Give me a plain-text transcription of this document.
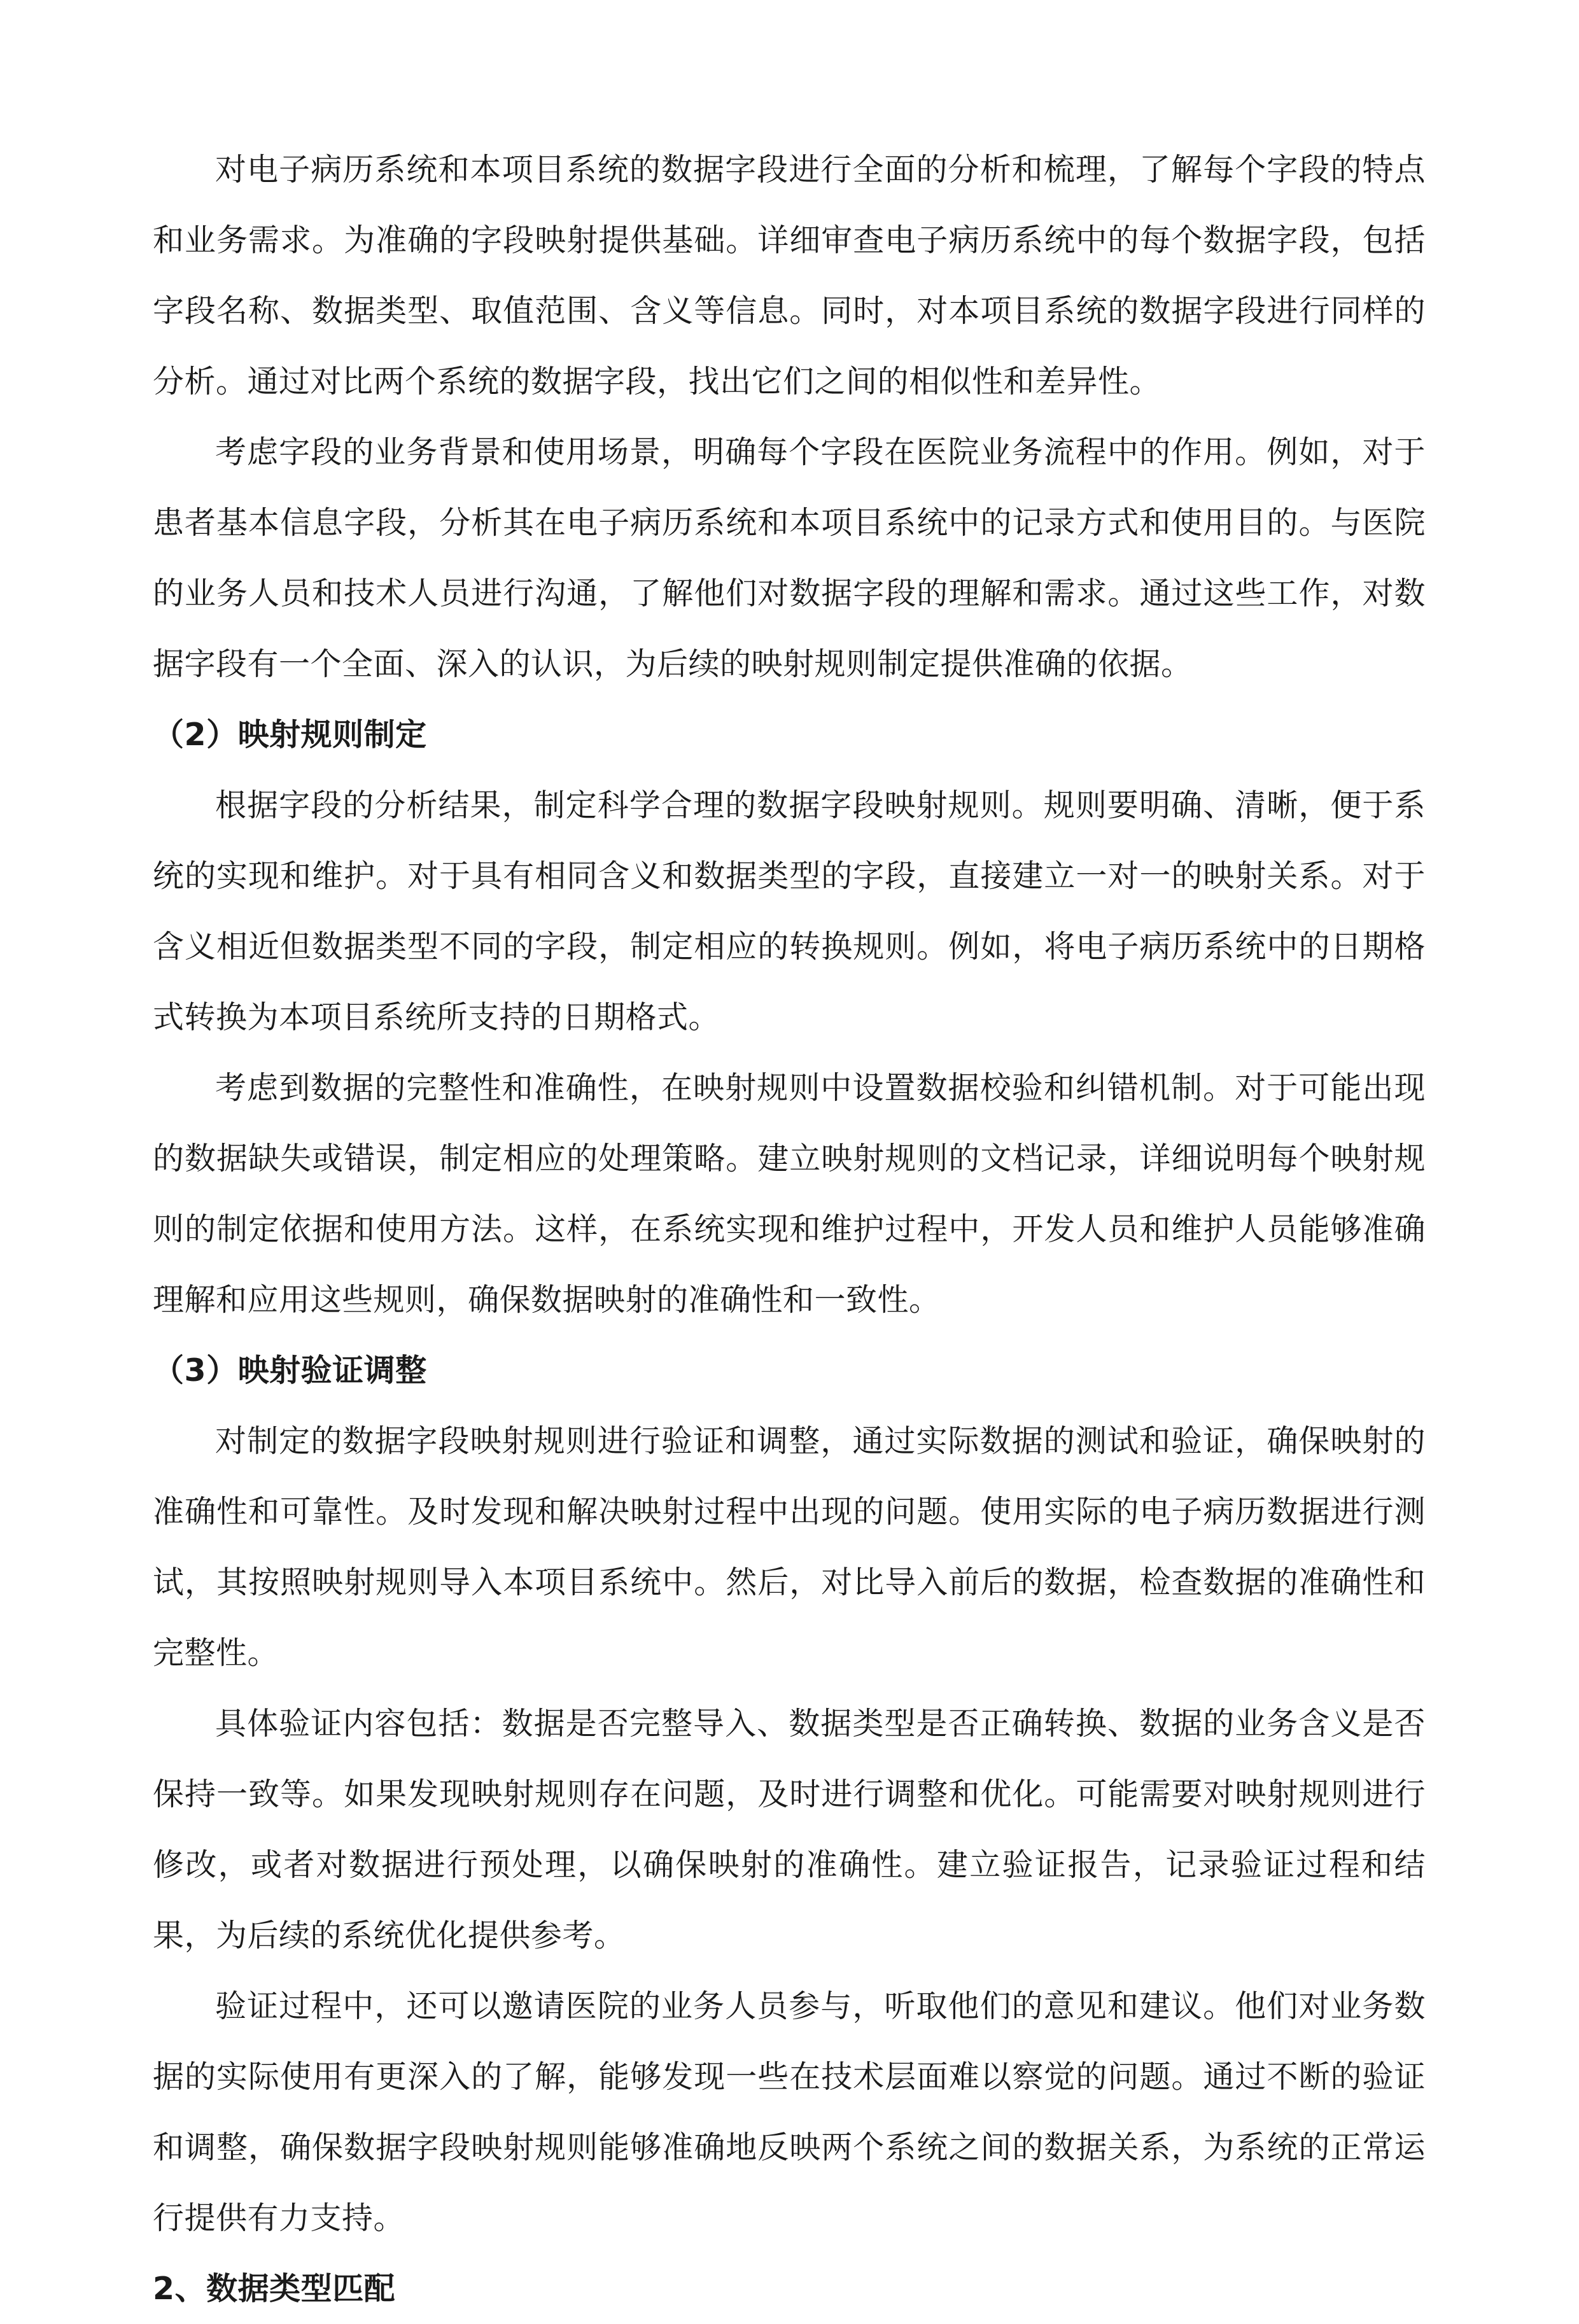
对电子病历系统和本项目系统的数据字段进行全面的分析和梳理，了解每个字段的特点和业务需求。为准确的字段映射提供基础。详细审查电子病历系统中的每个数据字段，包括字段名称、数据类型、取值范围、含义等信息。同时，对本项目系统的数据字段进行同样的分析。通过对比两个系统的数据字段，找出它们之间的相似性和差异性。

考虑字段的业务背景和使用场景，明确每个字段在医院业务流程中的作用。例如，对于患者基本信息字段，分析其在电子病历系统和本项目系统中的记录方式和使用目的。与医院的业务人员和技术人员进行沟通，了解他们对数据字段的理解和需求。通过这些工作，对数据字段有一个全面、深入的认识，为后续的映射规则制定提供准确的依据。

（2）映射规则制定

根据字段的分析结果，制定科学合理的数据字段映射规则。规则要明确、清晰，便于系统的实现和维护。对于具有相同含义和数据类型的字段，直接建立一对一的映射关系。对于含义相近但数据类型不同的字段，制定相应的转换规则。例如，将电子病历系统中的日期格式转换为本项目系统所支持的日期格式。

考虑到数据的完整性和准确性，在映射规则中设置数据校验和纠错机制。对于可能出现的数据缺失或错误，制定相应的处理策略。建立映射规则的文档记录，详细说明每个映射规则的制定依据和使用方法。这样，在系统实现和维护过程中，开发人员和维护人员能够准确理解和应用这些规则，确保数据映射的准确性和一致性。

（3）映射验证调整

对制定的数据字段映射规则进行验证和调整，通过实际数据的测试和验证，确保映射的准确性和可靠性。及时发现和解决映射过程中出现的问题。使用实际的电子病历数据进行测试，其按照映射规则导入本项目系统中。然后，对比导入前后的数据，检查数据的准确性和完整性。

具体验证内容包括：数据是否完整导入、数据类型是否正确转换、数据的业务含义是否保持一致等。如果发现映射规则存在问题，及时进行调整和优化。可能需要对映射规则进行修改，或者对数据进行预处理，以确保映射的准确性。建立验证报告，记录验证过程和结果，为后续的系统优化提供参考。

验证过程中，还可以邀请医院的业务人员参与，听取他们的意见和建议。他们对业务数据的实际使用有更深入的了解，能够发现一些在技术层面难以察觉的问题。通过不断的验证和调整，确保数据字段映射规则能够准确地反映两个系统之间的数据关系，为系统的正常运行提供有力支持。

2、数据类型匹配
